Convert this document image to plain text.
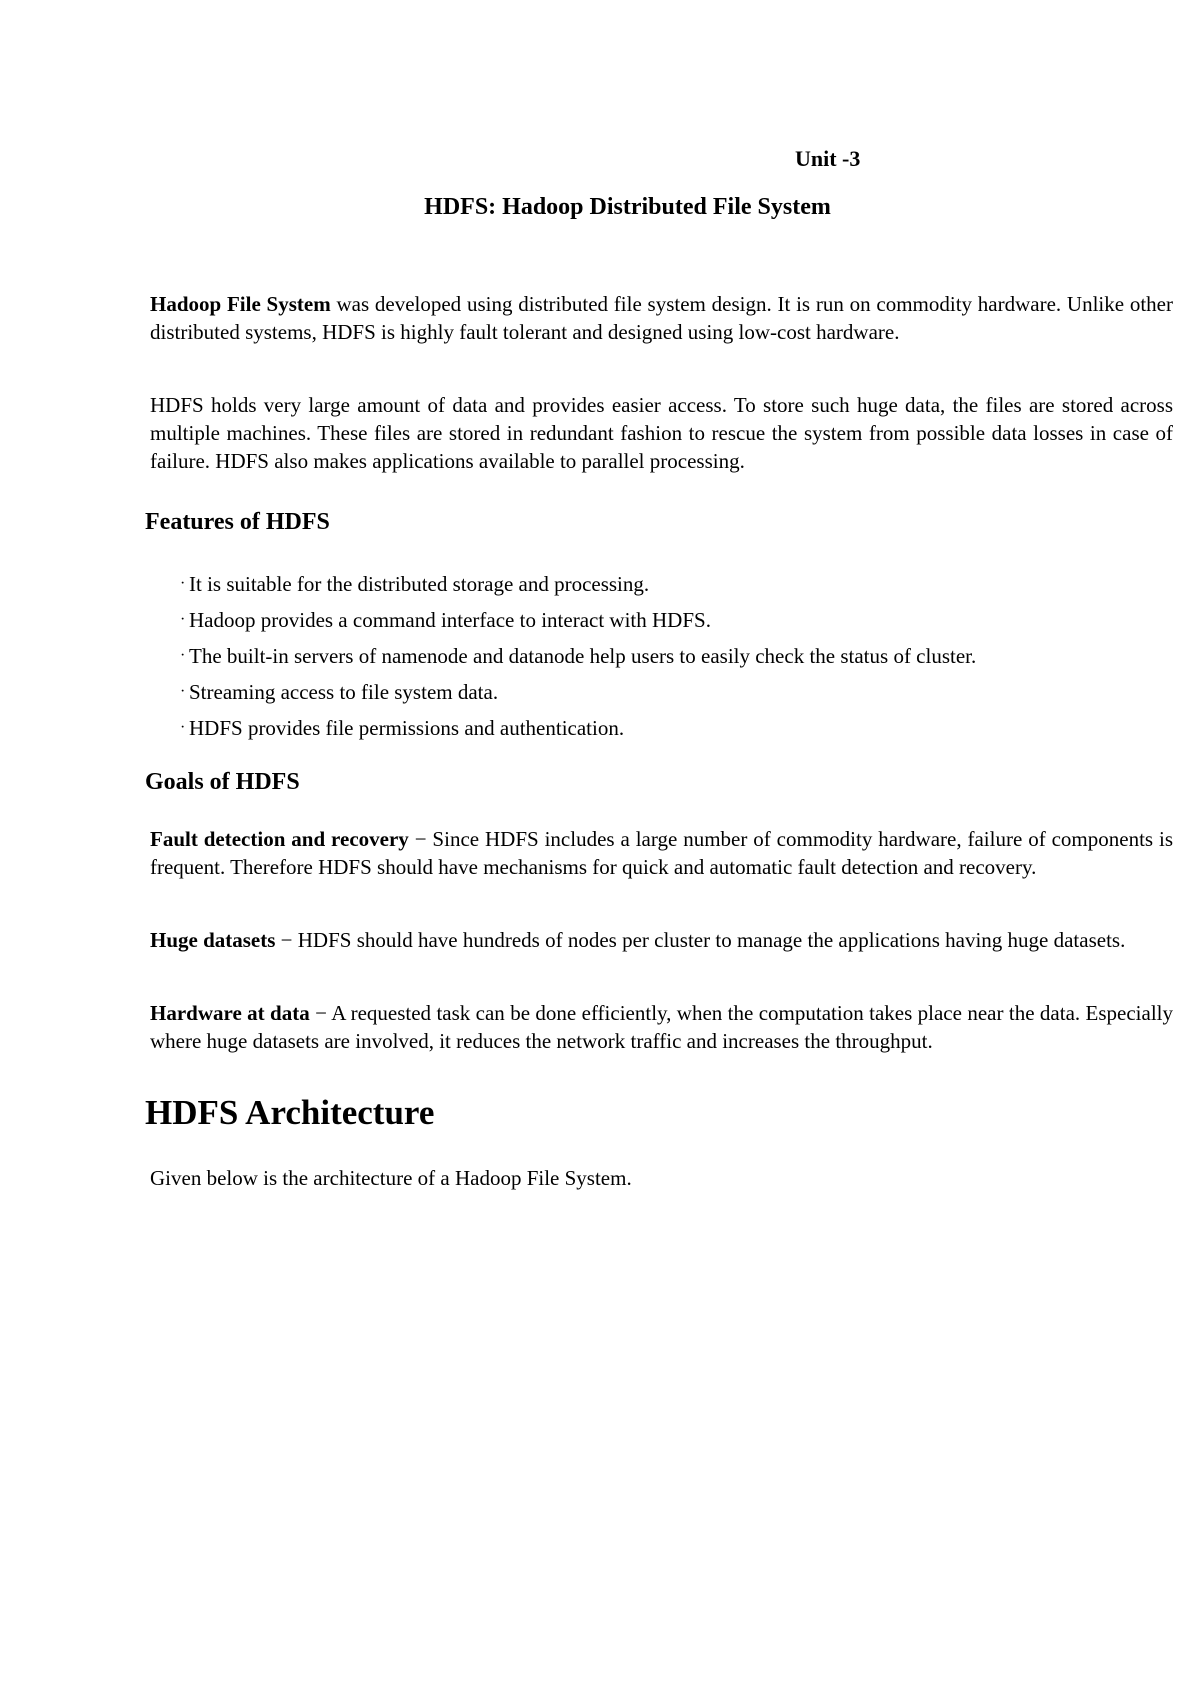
Unit -3

HDFS: Hadoop Distributed File System

Hadoop File System was developed using distributed file system design. It is run on commodity hardware. Unlike other distributed systems, HDFS is highly fault tolerant and designed using low-cost hardware.

HDFS holds very large amount of data and provides easier access. To store such huge data, the files are stored across multiple machines. These files are stored in redundant fashion to rescue the system from possible data losses in case of failure. HDFS also makes applications available to parallel processing.

Features of HDFS
· It is suitable for the distributed storage and processing.
· Hadoop provides a command interface to interact with HDFS.
· The built-in servers of namenode and datanode help users to easily check the status of cluster.
· Streaming access to file system data.
· HDFS provides file permissions and authentication.
Goals of HDFS

Fault detection and recovery − Since HDFS includes a large number of commodity hardware, failure of components is frequent. Therefore HDFS should have mechanisms for quick and automatic fault detection and recovery.

Huge datasets − HDFS should have hundreds of nodes per cluster to manage the applications having huge datasets.

Hardware at data − A requested task can be done efficiently, when the computation takes place near the data. Especially where huge datasets are involved, it reduces the network traffic and increases the throughput.

HDFS Architecture

Given below is the architecture of a Hadoop File System.
